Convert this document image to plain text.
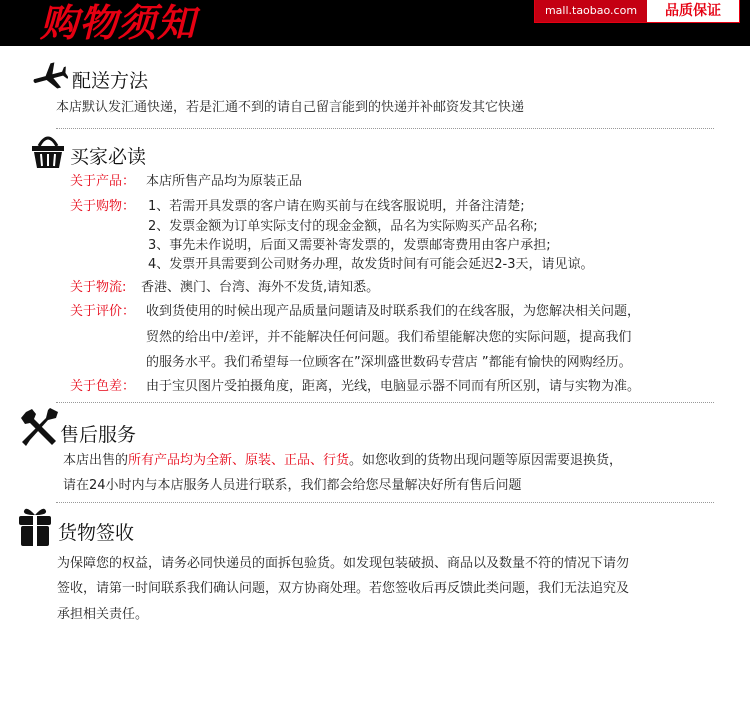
购物须知	mall.taobao.com	品质保证
配送方法
本店默认发汇通快递，若是汇通不到的请自己留言能到的快递并补邮资发其它快递
买家必读
关于产品： 本店所售产品均为原装正品
关于购物： 1、若需开具发票的客户请在购买前与在线客服说明，并备注清楚;
2、发票金额为订单实际支付的现金金额，品名为实际购买产品名称;
3、事先未作说明，后面又需要补寄发票的，发票邮寄费用由客户承担;
4、发票开具需要到公司财务办理，故发货时间有可能会延迟2-3天，请见谅。
关于物流: 香港、澳门、台湾、海外不发货,请知悉。
关于评价： 收到货使用的时候出现产品质量问题请及时联系我们的在线客服，为您解决相关问题，
贸然的给出中/差评，并不能解决任何问题。我们希望能解决您的实际问题，提高我们
的服务水平。我们希望每一位顾客在”深圳盛世数码专营店 ”都能有愉快的网购经历。
关于色差： 由于宝贝图片受拍摄角度，距离，光线，电脑显示器不同而有所区别，请与实物为准。
售后服务
本店出售的所有产品均为全新、原装、正品、行货。如您收到的货物出现问题等原因需要退换货，
请在24小时内与本店服务人员进行联系，我们都会给您尽量解决好所有售后问题
货物签收
为保障您的权益，请务必同快递员的面拆包验货。如发现包装破损、商品以及数量不符的情况下请勿
签收，请第一时间联系我们确认问题，双方协商处理。若您签收后再反馈此类问题，我们无法追究及
承担相关责任。
